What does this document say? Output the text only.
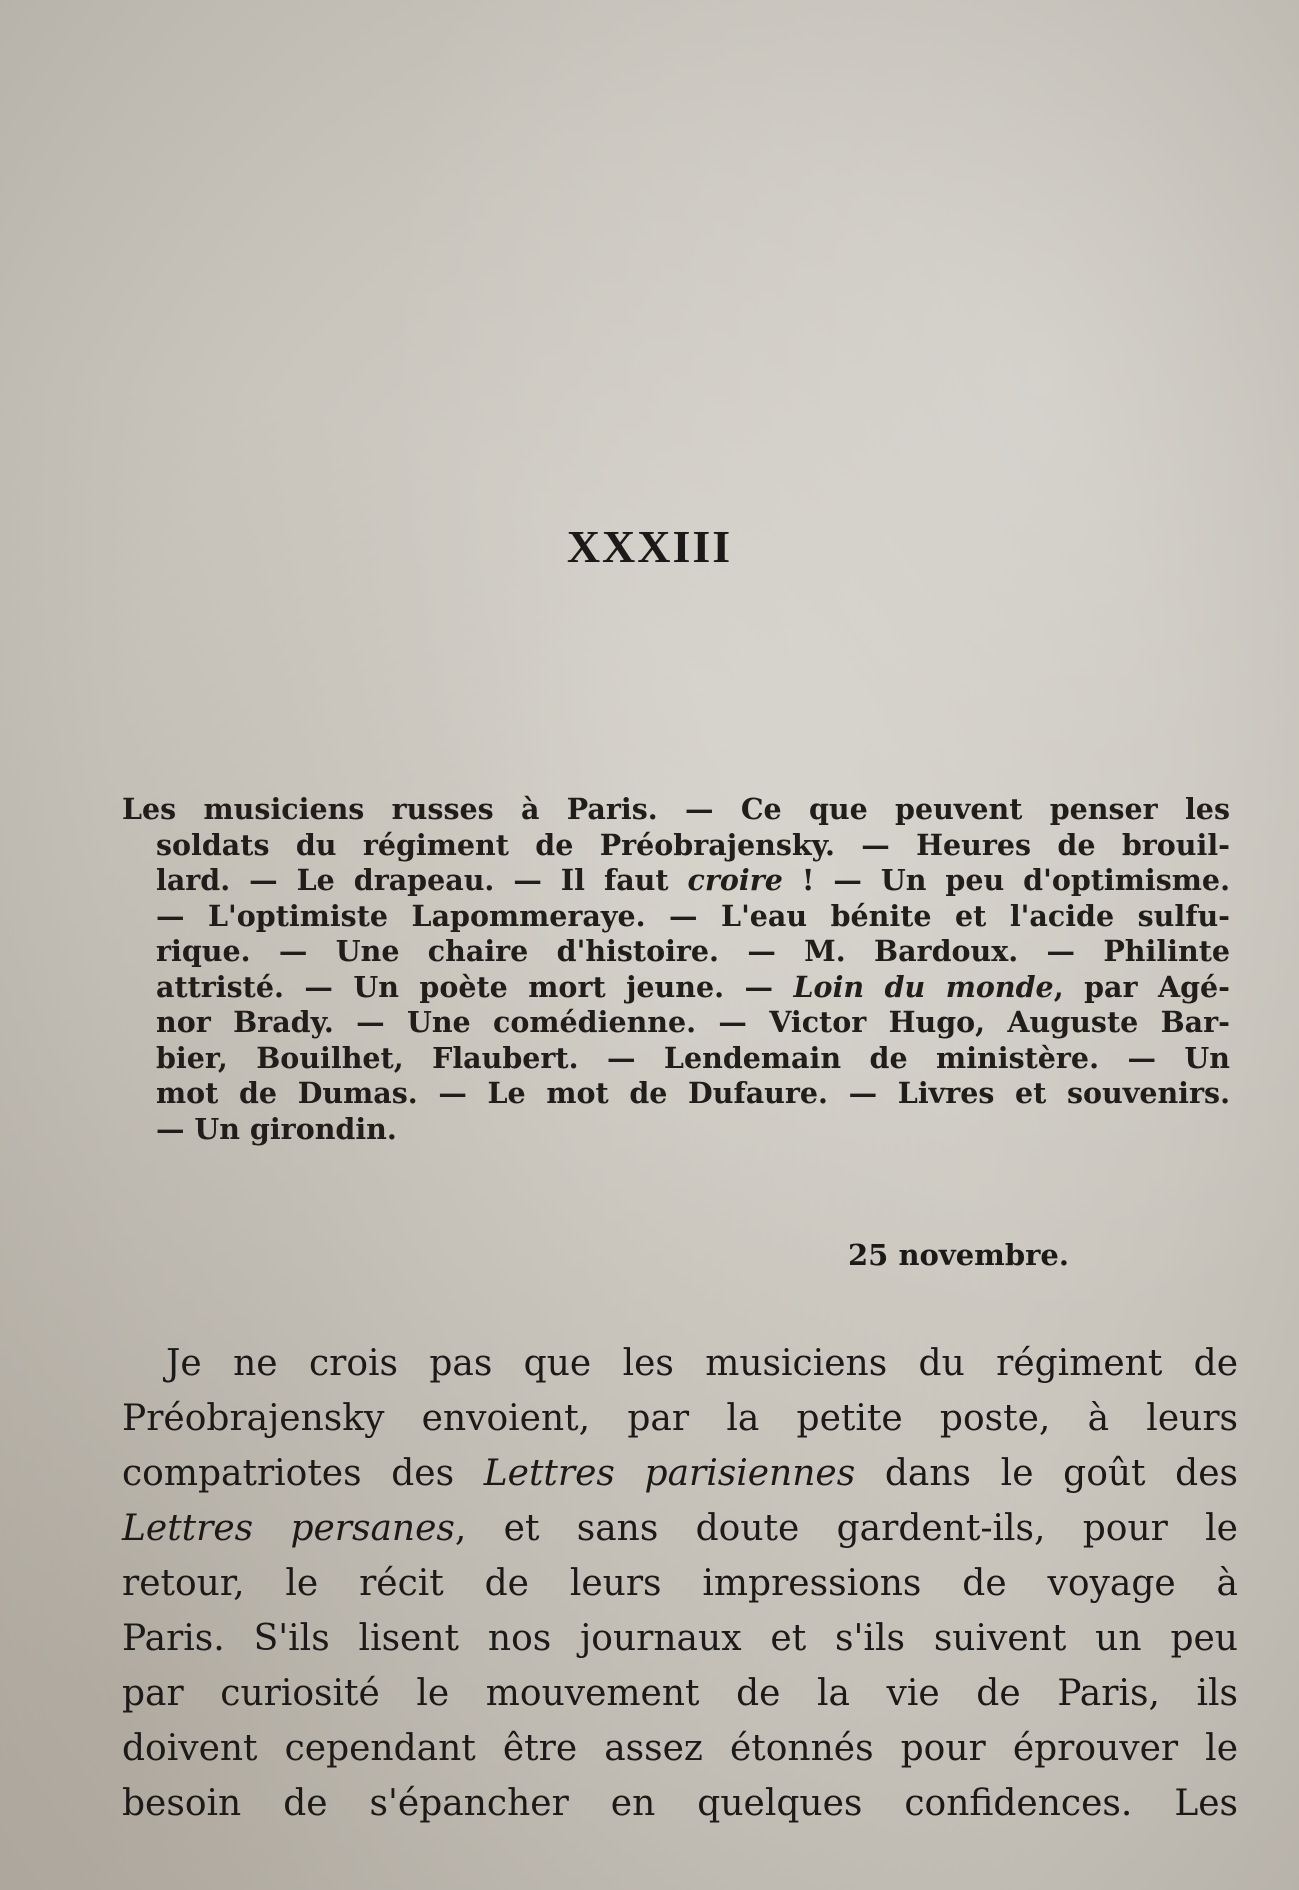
XXXIII
Les musiciens russes à Paris. — Ce que peuvent penser les
soldats du régiment de Préobrajensky. — Heures de brouil-
lard. — Le drapeau. — Il faut croire ! — Un peu d'optimisme.
— L'optimiste Lapommeraye. — L'eau bénite et l'acide sulfu-
rique. — Une chaire d'histoire. — M. Bardoux. — Philinte
attristé. — Un poète mort jeune. — Loin du monde, par Agé-
nor Brady. — Une comédienne. — Victor Hugo, Auguste Bar-
bier, Bouilhet, Flaubert. — Lendemain de ministère. — Un
mot de Dumas. — Le mot de Dufaure. — Livres et souvenirs.
— Un girondin.

25 novembre.

Je ne crois pas que les musiciens du régiment de
Préobrajensky envoient, par la petite poste, à leurs
compatriotes des Lettres parisiennes dans le goût des
Lettres persanes, et sans doute gardent-ils, pour le
retour, le récit de leurs impressions de voyage à
Paris. S'ils lisent nos journaux et s'ils suivent un peu
par curiosité le mouvement de la vie de Paris, ils
doivent cependant être assez étonnés pour éprouver le
besoin de s'épancher en quelques confidences. Les
